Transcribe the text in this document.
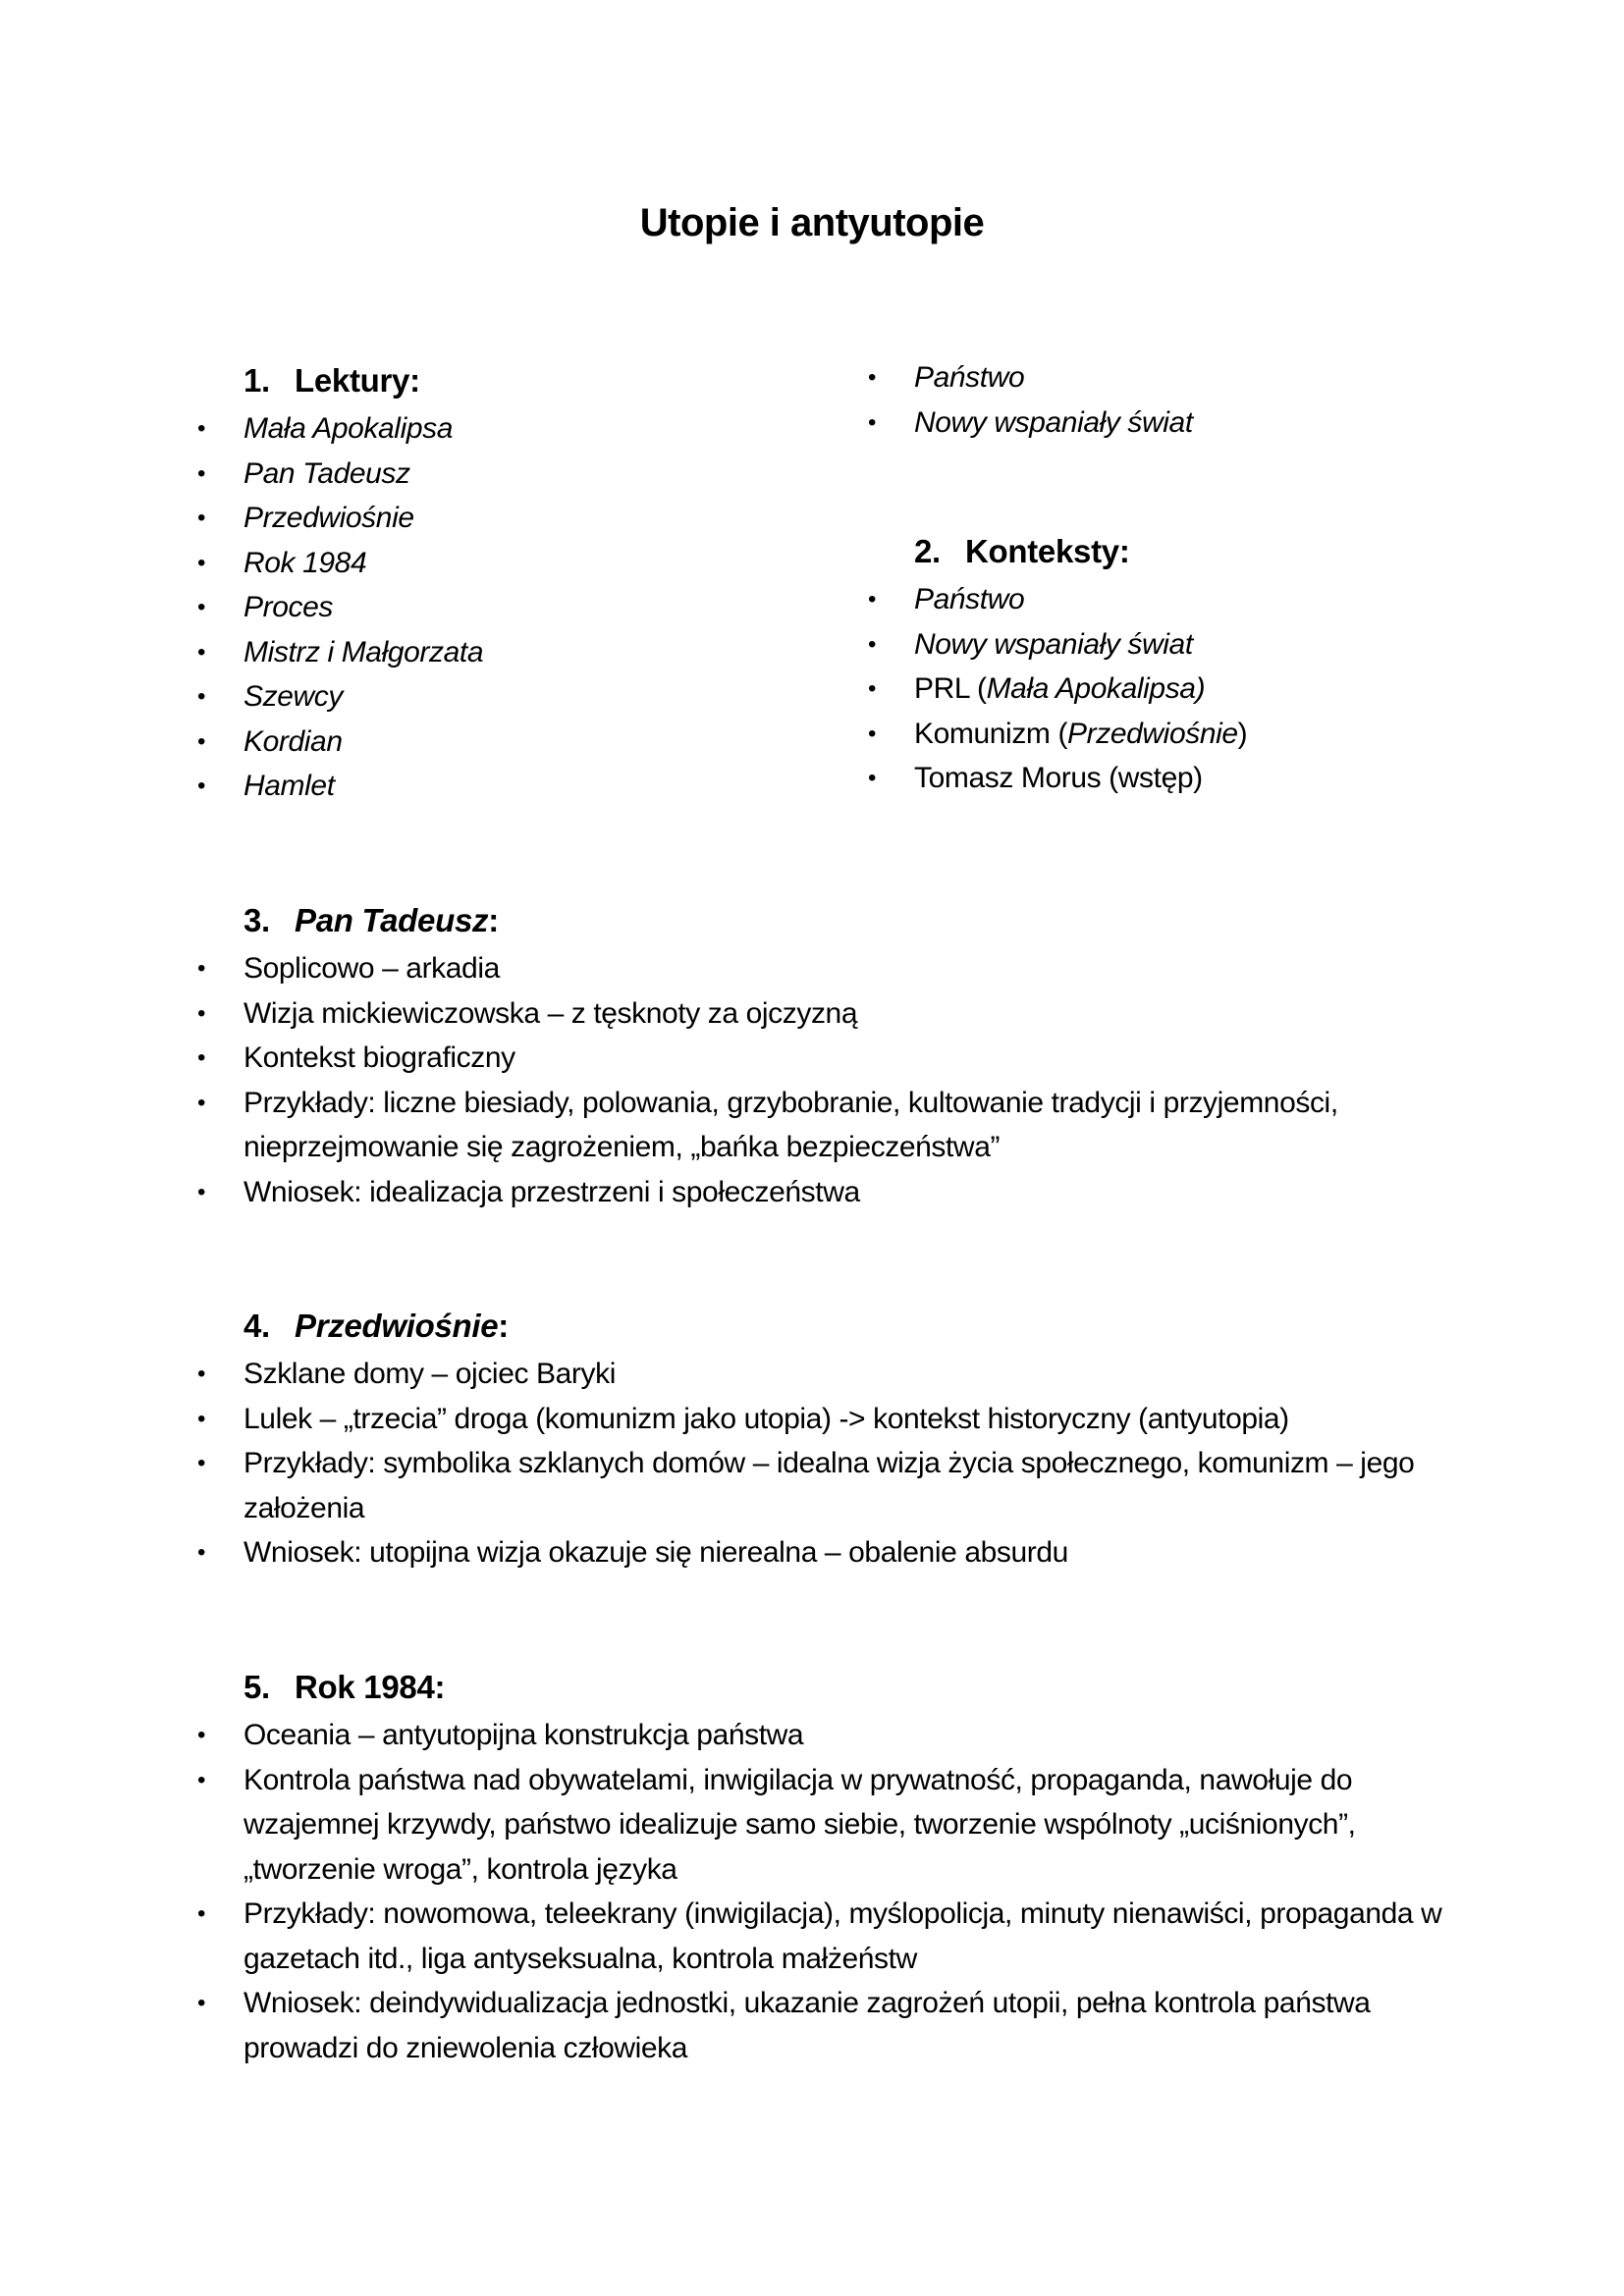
Utopie i antyutopie
1. Lektury:
• Mała Apokalipsa
• Pan Tadeusz
• Przedwiośnie
• Rok 1984
• Proces
• Mistrz i Małgorzata
• Szewcy
• Kordian
• Hamlet
• Państwo
• Nowy wspaniały świat
2. Konteksty:
• Państwo
• Nowy wspaniały świat
• PRL (Mała Apokalipsa)
• Komunizm (Przedwiośnie)
• Tomasz Morus (wstęp)
3. Pan Tadeusz:
• Soplicowo – arkadia
• Wizja mickiewiczowska – z tęsknoty za ojczyzną
• Kontekst biograficzny
• Przykłady: liczne biesiady, polowania, grzybobranie, kultowanie tradycji i przyjemności, nieprzejmowanie się zagrożeniem, „bańka bezpieczeństwa”
• Wniosek: idealizacja przestrzeni i społeczeństwa
4. Przedwiośnie:
• Szklane domy – ojciec Baryki
• Lulek – „trzecia” droga (komunizm jako utopia) -> kontekst historyczny (antyutopia)
• Przykłady: symbolika szklanych domów – idealna wizja życia społecznego, komunizm – jego założenia
• Wniosek: utopijna wizja okazuje się nierealna – obalenie absurdu
5. Rok 1984:
• Oceania – antyutopijna konstrukcja państwa
• Kontrola państwa nad obywatelami, inwigilacja w prywatność, propaganda, nawołuje do wzajemnej krzywdy, państwo idealizuje samo siebie, tworzenie wspólnoty „uciśnionych”, „tworzenie wroga”, kontrola języka
• Przykłady: nowomowa, teleekrany (inwigilacja), myślopolicja, minuty nienawiści, propaganda w gazetach itd., liga antyseksualna, kontrola małżeństw
• Wniosek: deindywidualizacja jednostki, ukazanie zagrożeń utopii, pełna kontrola państwa prowadzi do zniewolenia człowieka
